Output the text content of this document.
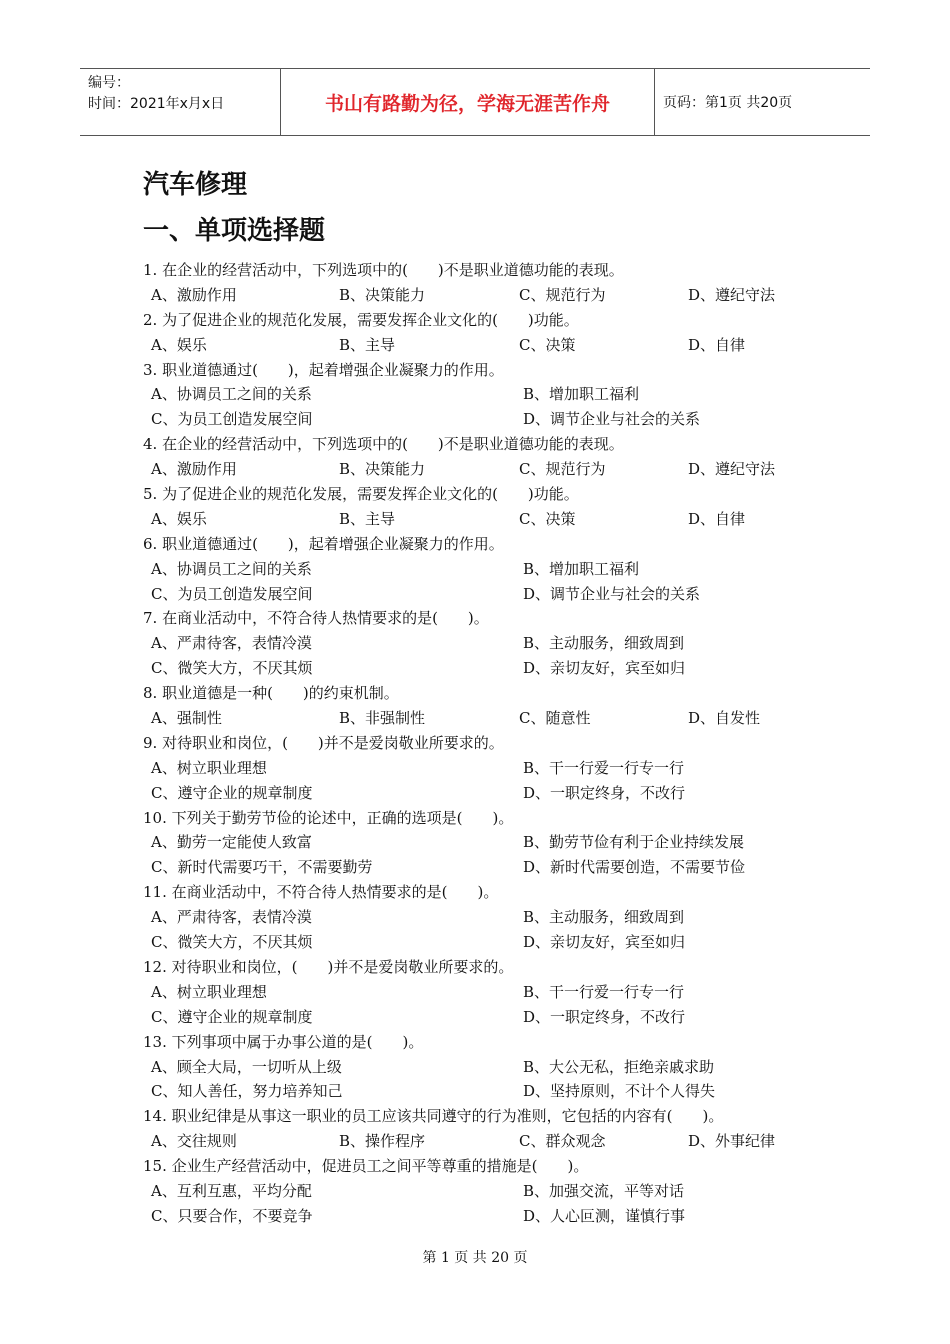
编号：
时间：2021年x月x日	书山有路勤为径，学海无涯苦作舟	页码：第1页 共20页
汽车修理
一、单项选择题
1. 在企业的经营活动中，下列选项中的(　　)不是职业道德功能的表现。
A、激励作用	B、决策能力	C、规范行为	D、遵纪守法
2. 为了促进企业的规范化发展，需要发挥企业文化的(　　)功能。
A、娱乐	B、主导	C、决策	D、自律
3. 职业道德通过(　　)，起着增强企业凝聚力的作用。
A、协调员工之间的关系	B、增加职工福利
C、为员工创造发展空间	D、调节企业与社会的关系
4. 在企业的经营活动中，下列选项中的(　　)不是职业道德功能的表现。
A、激励作用	B、决策能力	C、规范行为	D、遵纪守法
5. 为了促进企业的规范化发展，需要发挥企业文化的(　　)功能。
A、娱乐	B、主导	C、决策	D、自律
6. 职业道德通过(　　)，起着增强企业凝聚力的作用。
A、协调员工之间的关系	B、增加职工福利
C、为员工创造发展空间	D、调节企业与社会的关系
7. 在商业活动中，不符合待人热情要求的是(　　)。
A、严肃待客，表情冷漠	B、主动服务，细致周到
C、微笑大方，不厌其烦	D、亲切友好，宾至如归
8. 职业道德是一种(　　)的约束机制。
A、强制性	B、非强制性	C、随意性	D、自发性
9. 对待职业和岗位，(　　)并不是爱岗敬业所要求的。
A、树立职业理想	B、干一行爱一行专一行
C、遵守企业的规章制度	D、一职定终身，不改行
10. 下列关于勤劳节俭的论述中，正确的选项是(　　)。
A、勤劳一定能使人致富	B、勤劳节俭有利于企业持续发展
C、新时代需要巧干，不需要勤劳	D、新时代需要创造，不需要节俭
11. 在商业活动中，不符合待人热情要求的是(　　)。
A、严肃待客，表情冷漠	B、主动服务，细致周到
C、微笑大方，不厌其烦	D、亲切友好，宾至如归
12. 对待职业和岗位，(　　)并不是爱岗敬业所要求的。
A、树立职业理想	B、干一行爱一行专一行
C、遵守企业的规章制度	D、一职定终身，不改行
13. 下列事项中属于办事公道的是(　　)。
A、顾全大局，一切听从上级	B、大公无私，拒绝亲戚求助
C、知人善任，努力培养知己	D、坚持原则，不计个人得失
14. 职业纪律是从事这一职业的员工应该共同遵守的行为准则，它包括的内容有(　　)。
A、交往规则	B、操作程序	C、群众观念	D、外事纪律
15. 企业生产经营活动中，促进员工之间平等尊重的措施是(　　)。
A、互利互惠，平均分配	B、加强交流，平等对话
C、只要合作，不要竞争	D、人心叵测，谨慎行事
第 1 页 共 20 页
